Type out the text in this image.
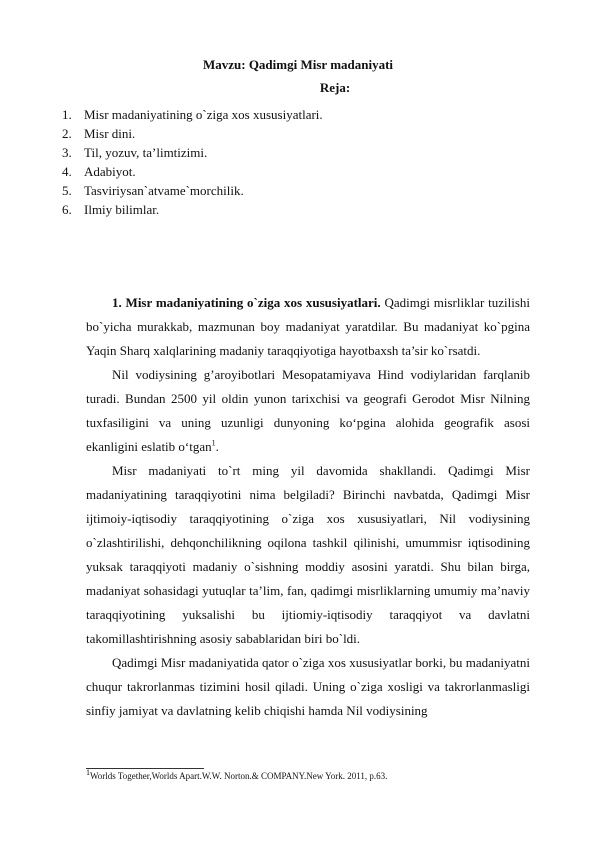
Mavzu: Qadimgi Misr madaniyati
Reja:
1. Misr madaniyatining o`ziga xos xususiyatlari.
2. Misr dini.
3. Til, yozuv, ta’limtizimi.
4. Adabiyot.
5. Tasviriysan`atvame`morchilik.
6. Ilmiy bilimlar.

1. Misr madaniyatining o`ziga xos xususiyatlari. Qadimgi misrliklar tuzilishi bo`yicha murakkab, mazmunan boy madaniyat yaratdilar. Bu madaniyat ko`pgina Yaqin Sharq xalqlarining madaniy taraqqiyotiga hayotbaxsh ta’sir ko`rsatdi.

Nil vodiysining g’aroyibotlari Mesopatamiyava Hind vodiylaridan farqlanib turadi. Bundan 2500 yil oldin yunon tarixchisi va geografi Gerodot Misr Nilning tuxfasiligini va uning uzunligi dunyoning ko‘pgina alohida geografik asosi ekanligini eslatib o‘tgan$^1$.

Misr madaniyati to`rt ming yil davomida shakllandi. Qadimgi Misr madaniyatining taraqqiyotini nima belgiladi? Birinchi navbatda, Qadimgi Misr ijtimoiy-iqtisodiy taraqqiyotining o`ziga xos xususiyatlari, Nil vodiysining o`zlashtirilishi, dehqonchilikning oqilona tashkil qilinishi, umummisr iqtisodining yuksak taraqqiyoti madaniy o`sishning moddiy asosini yaratdi. Shu bilan birga, madaniyat sohasidagi yutuqlar ta’lim, fan, qadimgi misrliklarning umumiy ma’naviy taraqqiyotining yuksalishi bu ijtiomiy-iqtisodiy taraqqiyot va davlatni takomillashtirishning asosiy sabablaridan biri bo`ldi.

Qadimgi Misr madaniyatida qator o`ziga xos xususiyatlar borki, bu madaniyatni chuqur takrorlanmas tizimini hosil qiladi. Uning o`ziga xosligi va takrorlanmasligi sinfiy jamiyat va davlatning kelib chiqishi hamda Nil vodiysining

$^1$Worlds Together,Worlds Apart.W.W. Norton.& COMPANY.New York. 2011, p.63.
